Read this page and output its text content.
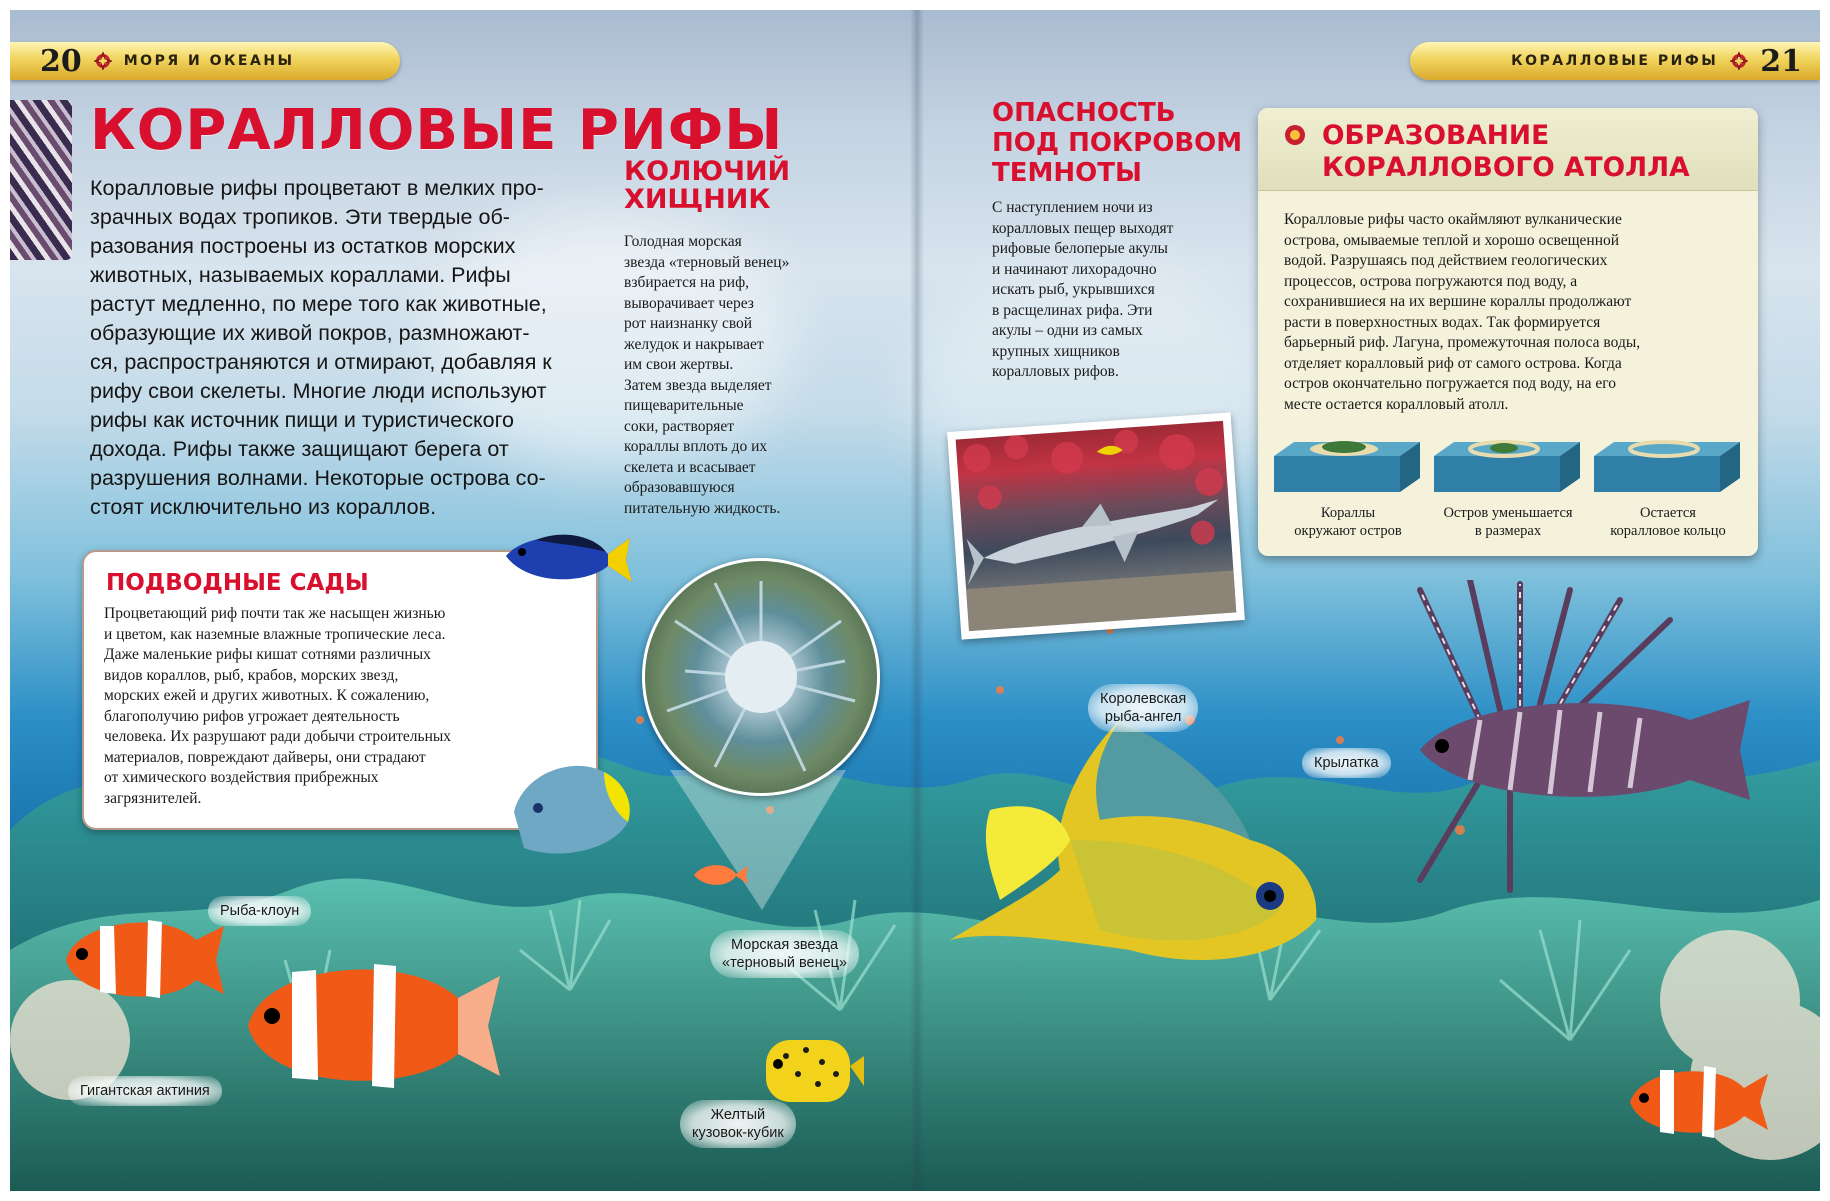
20	МОРЯ И ОКЕАНЫ	КОРАЛЛОВЫЕ РИФЫ 21
КОРАЛЛОВЫЕ РИФЫ
Коралловые рифы процветают в мелких про-
зрачных водах тропиков. Эти твердые об-
разования построены из остатков морских
животных, называемых кораллами. Рифы
растут медленно, по мере того как животные,
образующие их живой покров, размножают-
ся, распространяются и отмирают, добавляя к
рифу свои скелеты. Многие люди используют
рифы как источник пищи и туристического
дохода. Рифы также защищают берега от
разрушения волнами. Некоторые острова со-
стоят исключительно из кораллов.
КОЛЮЧИЙ
ХИЩНИК
Голодная морская
звезда «терновый венец»
взбирается на риф,
выворачивает через
рот наизнанку свой
желудок и накрывает
им свои жертвы.
Затем звезда выделяет
пищеварительные
соки, растворяет
кораллы вплоть до их
скелета и всасывает
образовавшуюся
питательную жидкость.
ОПАСНОСТЬ
ПОД ПОКРОВОМ
ТЕМНОТЫ
С наступлением ночи из
коралловых пещер выходят
рифовые белоперые акулы
и начинают лихорадочно
искать рыб, укрывшихся
в расщелинах рифа. Эти
акулы – одни из самых
крупных хищников
коралловых рифов.
ОБРАЗОВАНИЕ
КОРАЛЛОВОГО АТОЛЛА
Коралловые рифы часто окаймляют вулканические
острова, омываемые теплой и хорошо освещенной
водой. Разрушаясь под действием геологических
процессов, острова погружаются под воду, а
сохранившиеся на их вершине кораллы продолжают
расти в поверхностных водах. Так формируется
барьерный риф. Лагуна, промежуточная полоса воды,
отделяет коралловый риф от самого острова. Когда
остров окончательно погружается под воду, на его
месте остается коралловый атолл.
Кораллы
окружают остров
Остров уменьшается
в размерах
Остается
коралловое кольцо
ПОДВОДНЫЕ САДЫ
Процветающий риф почти так же насыщен жизнью
и цветом, как наземные влажные тропические леса.
Даже маленькие рифы кишат сотнями различных
видов кораллов, рыб, крабов, морских звезд,
морских ежей и других животных. К сожалению,
благополучию рифов угрожает деятельность
человека. Их разрушают ради добычи строительных
материалов, повреждают дайверы, они страдают
от химического воздействия прибрежных
загрязнителей.
Королевская
рыба-ангел
Крылатка
Рыба-клоун
Морская звезда
«терновый венец»
Гигантская актиния
Желтый
кузовок-кубик
